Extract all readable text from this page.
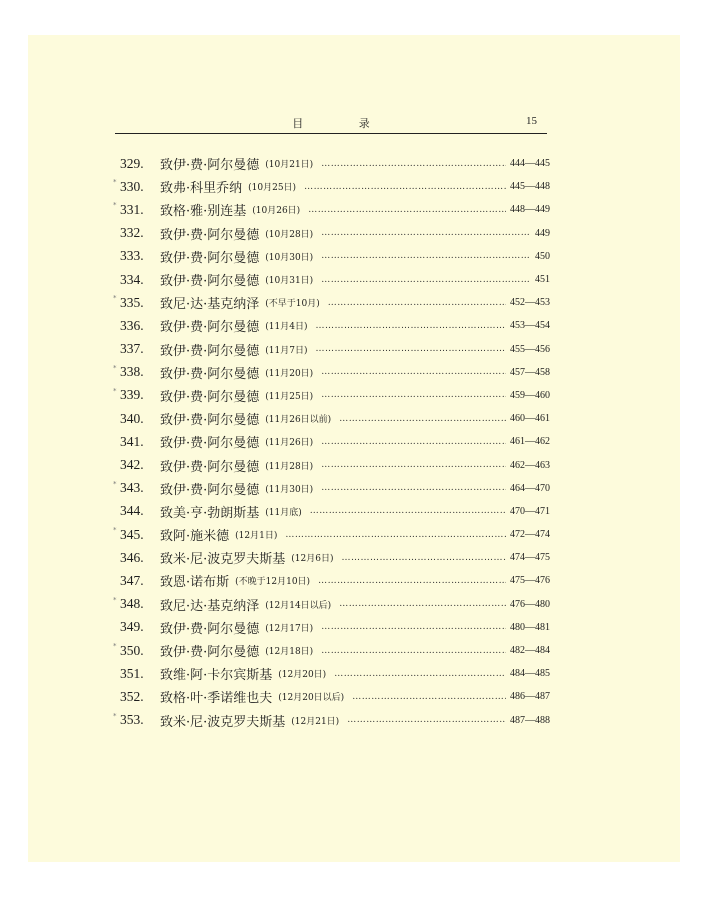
目 录	15
329.	致伊·费·阿尔曼德 (10月21日) ………………………………………………………………………………………………	444—445
* 330.	致弗·科里乔纳 (10月25日) ………………………………………………………………………………………………	445—448
* 331.	致格·雅·别连基 (10月26日) ………………………………………………………………………………………………	448—449
332.	致伊·费·阿尔曼德 (10月28日) ………………………………………………………………………………………………	449
333.	致伊·费·阿尔曼德 (10月30日) ………………………………………………………………………………………………	450
334.	致伊·费·阿尔曼德 (10月31日) ………………………………………………………………………………………………	451
* 335.	致尼·达·基克纳泽 (不早于10月) ………………………………………………………………………………………………	452—453
336.	致伊·费·阿尔曼德 (11月4日) ………………………………………………………………………………………………	453—454
337.	致伊·费·阿尔曼德 (11月7日) ………………………………………………………………………………………………	455—456
* 338.	致伊·费·阿尔曼德 (11月20日) ………………………………………………………………………………………………	457—458
* 339.	致伊·费·阿尔曼德 (11月25日) ………………………………………………………………………………………………	459—460
340.	致伊·费·阿尔曼德 (11月26日以前) ………………………………………………………………………………………………	460—461
341.	致伊·费·阿尔曼德 (11月26日) ………………………………………………………………………………………………	461—462
342.	致伊·费·阿尔曼德 (11月28日) ………………………………………………………………………………………………	462—463
* 343.	致伊·费·阿尔曼德 (11月30日) ………………………………………………………………………………………………	464—470
344.	致美·亨·勃朗斯基 (11月底) ………………………………………………………………………………………………	470—471
* 345.	致阿·施米德 (12月1日) ………………………………………………………………………………………………	472—474
346.	致米·尼·波克罗夫斯基 (12月6日) ………………………………………………………………………………………………	474—475
347.	致恩·诺布斯 (不晚于12月10日) ………………………………………………………………………………………………	475—476
* 348.	致尼·达·基克纳泽 (12月14日以后) ………………………………………………………………………………………………	476—480
349.	致伊·费·阿尔曼德 (12月17日) ………………………………………………………………………………………………	480—481
* 350.	致伊·费·阿尔曼德 (12月18日) ………………………………………………………………………………………………	482—484
351.	致维·阿·卡尔宾斯基 (12月20日) ………………………………………………………………………………………………	484—485
352.	致格·叶·季诺维也夫 (12月20日以后) ………………………………………………………………………………………………	486—487
* 353.	致米·尼·波克罗夫斯基 (12月21日) ………………………………………………………………………………………………	487—488
